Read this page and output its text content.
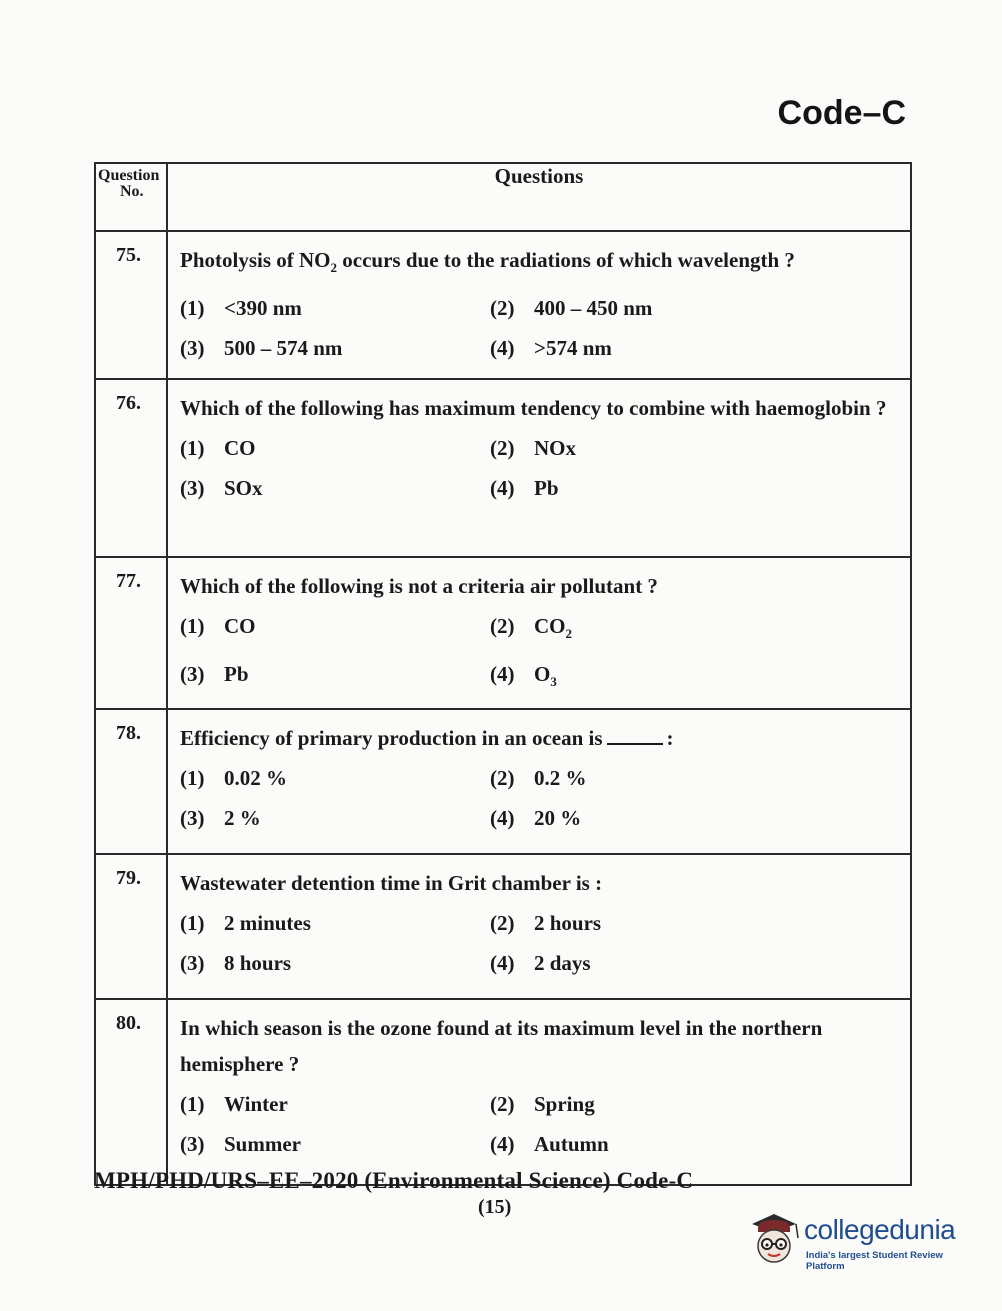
Code–C
Question
No.	Questions
75.	Photolysis of $NO_2$ occurs due to the radiations of which wavelength ?
(1) <390 nm (2) 400 – 450 nm
(3) 500 – 574 nm (4) >574 nm

76.	Which of the following has maximum tendency to combine with haemoglobin ?
(1) CO (2) NOx
(3) SOx (4) Pb

77.	Which of the following is not a criteria air pollutant ?
(1) CO (2) $CO_2$
(3) Pb (4) $O_3$

78.	Efficiency of primary production in an ocean is :
(1) 0.02 % (2) 0.2 %
(3) 2 % (4) 20 %

79.	Wastewater detention time in Grit chamber is :
(1) 2 minutes (2) 2 hours
(3) 8 hours (4) 2 days

80.	In which season is the ozone found at its maximum level in the northern hemisphere ?
(1) Winter (2) Spring
(3) Summer (4) Autumn
MPH/PHD/URS–EE–2020 (Environmental Science) Code-C
(15)
collegedunia
India's largest Student Review Platform
